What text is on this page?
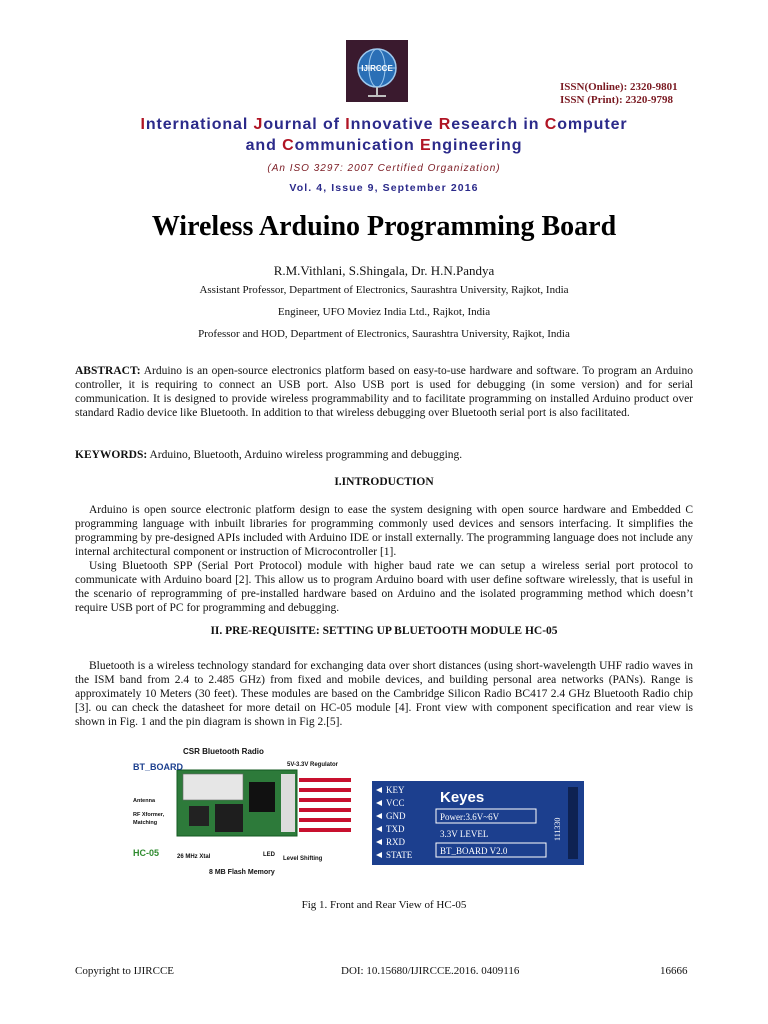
IJIRCCE
ISSN(Online): 2320-9801
ISSN (Print): 2320-9798
International Journal of Innovative Research in Computer
and Communication Engineering
(An ISO 3297: 2007 Certified Organization)
Vol. 4, Issue 9, September 2016
Wireless Arduino Programming Board
R.M.Vithlani, S.Shingala, Dr. H.N.Pandya
Assistant Professor, Department of Electronics, Saurashtra University, Rajkot, India
Engineer, UFO Moviez India Ltd., Rajkot, India
Professor and HOD, Department of Electronics, Saurashtra University, Rajkot, India
ABSTRACT: Arduino is an open-source electronics platform based on easy-to-use hardware and software. To program an Arduino controller, it is requiring to connect an USB port. Also USB port is used for debugging (in some version) and for serial communication. It is designed to provide wireless programmability and to facilitate programming on installed Arduino product over standard Radio device like Bluetooth. In addition to that wireless debugging over Bluetooth serial port is also facilitated.
KEYWORDS: Arduino, Bluetooth, Arduino wireless programming and debugging.
I.INTRODUCTION
Arduino is open source electronic platform design to ease the system designing with open source hardware and Embedded C programming language with inbuilt libraries for programming commonly used devices and sensors interfacing. It simplifies the programming by pre-designed APIs included with Arduino IDE or install externally. The programming language does not include any internal architectural component or instruction of Microcontroller [1].
Using Bluetooth SPP (Serial Port Protocol) module with higher baud rate we can setup a wireless serial port protocol to communicate with Arduino board [2]. This allow us to program Arduino board with user define software wirelessly, that is useful in the scenario of reprogramming of pre-installed hardware based on Arduino and the isolated programming method which doesn’t require USB port of PC for programming and debugging.
II. PRE-REQUISITE: SETTING UP BLUETOOTH MODULE HC-05
Bluetooth is a wireless technology standard for exchanging data over short distances (using short-wavelength UHF radio waves in the ISM band from 2.4 to 2.485 GHz) from fixed and mobile devices, and building personal area networks (PANs). Range is approximately 10 Meters (30 feet). These modules are based on the Cambridge Silicon Radio BC417 2.4 GHz Bluetooth Radio chip [3]. ou can check the datasheet for more detail on HC-05 module [4]. Front view with component specification and rear view is shown in Fig. 1 and the pin diagram is shown in Fig 2.[5].
CSR Bluetooth Radio
5V-3.3V Regulator
BT_BOARD
Antenna
RF Xformer,
Matching
HC-05	26 MHz Xtal	LED
Level Shifting
8 MB Flash Memory
KEY
VCC
GND
TXD
RXD
STATE
Keyes
Power:3.6V~6V
3.3V LEVEL
BT_BOARD V2.0
111330
Fig 1. Front and Rear View of HC-05
Copyright to IJIRCCE	DOI: 10.15680/IJIRCCE.2016. 0409116	16666
